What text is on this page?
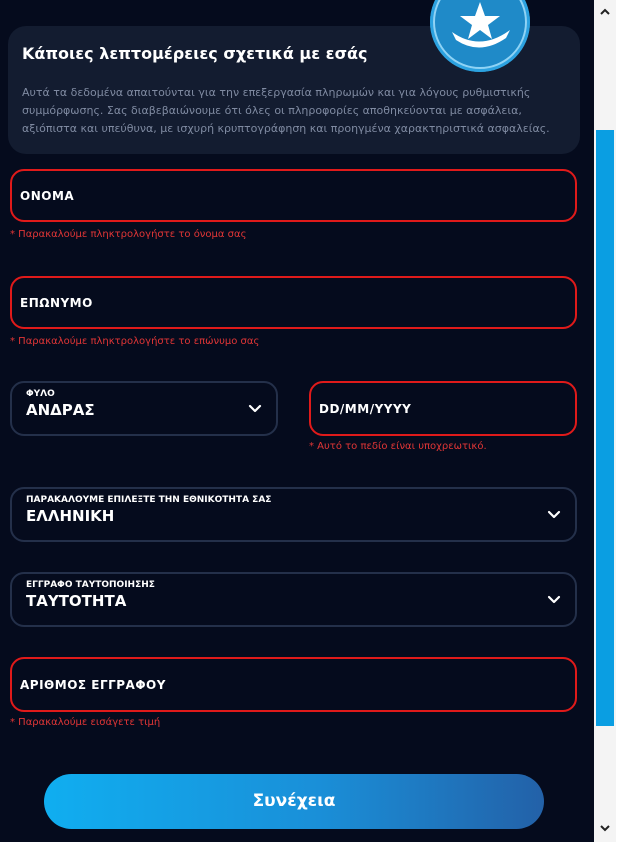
Κάποιες λεπτομέρειες σχετικά με εσάς
Αυτά τα δεδομένα απαιτούνται για την επεξεργασία πληρωμών και για λόγους ρυθμιστικής συμμόρφωσης. Σας διαβεβαιώνουμε ότι όλες οι πληροφορίες αποθηκεύονται με ασφάλεια, αξιόπιστα και υπεύθυνα, με ισχυρή κρυπτογράφηση και προηγμένα χαρακτηριστικά ασφαλείας.
ΟΝΟΜΑ
* Παρακαλούμε πληκτρολογήστε το όνομα σας
ΕΠΩΝΥΜΟ
* Παρακαλούμε πληκτρολογήστε το επώνυμο σας
ΦΥΛΟ
ΑΝΔΡΑΣ	DD/MM/YYYY
* Αυτό το πεδίο είναι υποχρεωτικό.
ΠΑΡΑΚΑΛΟΥΜΕ ΕΠΙΛΕΞΤΕ ΤΗΝ ΕΘΝΙΚΟΤΗΤΑ ΣΑΣ
ΕΛΛΗΝΙΚΗ
ΕΓΓΡΑΦΟ ΤΑΥΤΟΠΟΙΗΣΗΣ
ΤΑΥΤΟΤΗΤΑ
ΑΡΙΘΜΟΣ ΕΓΓΡΑΦΟΥ
* Παρακαλούμε εισάγετε τιμή
Συνέχεια
